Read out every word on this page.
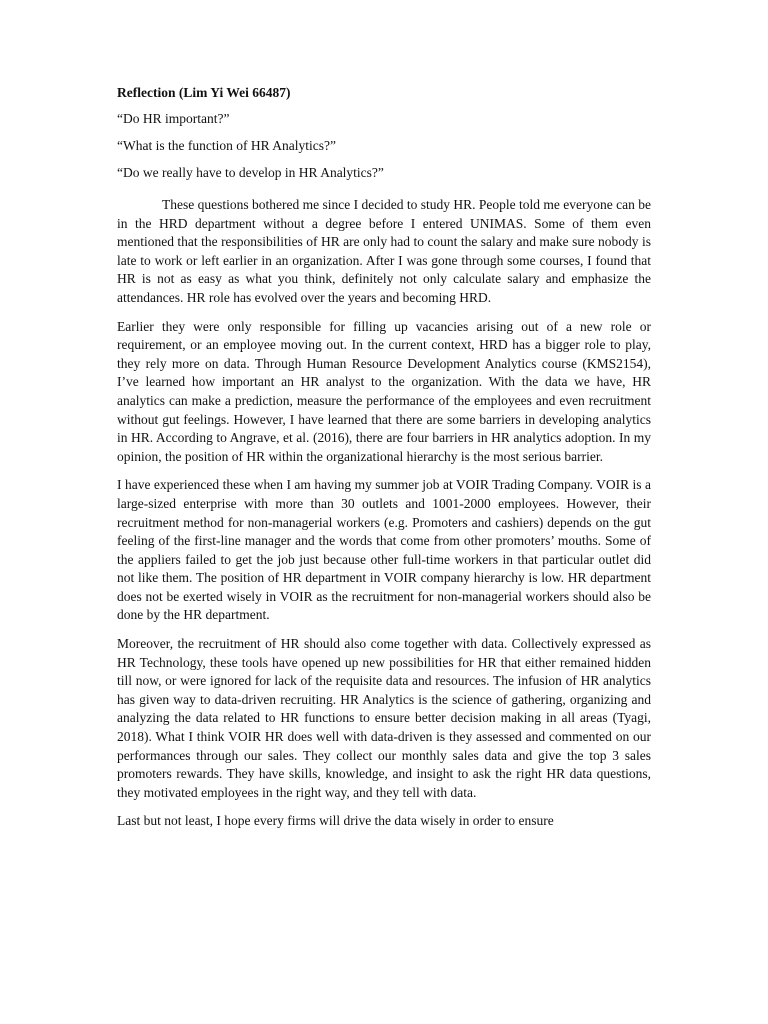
Reflection (Lim Yi Wei 66487)
“Do HR important?”
“What is the function of HR Analytics?”
“Do we really have to develop in HR Analytics?”

These questions bothered me since I decided to study HR. People told me everyone can be in the HRD department without a degree before I entered UNIMAS. Some of them even mentioned that the responsibilities of HR are only had to count the salary and make sure nobody is late to work or left earlier in an organization. After I was gone through some courses, I found that HR is not as easy as what you think, definitely not only calculate salary and emphasize the attendances. HR role has evolved over the years and becoming HRD.

Earlier they were only responsible for filling up vacancies arising out of a new role or requirement, or an employee moving out. In the current context, HRD has a bigger role to play, they rely more on data. Through Human Resource Development Analytics course (KMS2154), I’ve learned how important an HR analyst to the organization. With the data we have, HR analytics can make a prediction, measure the performance of the employees and even recruitment without gut feelings. However, I have learned that there are some barriers in developing analytics in HR. According to Angrave, et al. (2016), there are four barriers in HR analytics adoption. In my opinion, the position of HR within the organizational hierarchy is the most serious barrier.

I have experienced these when I am having my summer job at VOIR Trading Company. VOIR is a large-sized enterprise with more than 30 outlets and 1001-2000 employees. However, their recruitment method for non-managerial workers (e.g. Promoters and cashiers) depends on the gut feeling of the first-line manager and the words that come from other promoters’ mouths. Some of the appliers failed to get the job just because other full-time workers in that particular outlet did not like them. The position of HR department in VOIR company hierarchy is low. HR department does not be exerted wisely in VOIR as the recruitment for non-managerial workers should also be done by the HR department.

Moreover, the recruitment of HR should also come together with data. Collectively expressed as HR Technology, these tools have opened up new possibilities for HR that either remained hidden till now, or were ignored for lack of the requisite data and resources. The infusion of HR analytics has given way to data-driven recruiting. HR Analytics is the science of gathering, organizing and analyzing the data related to HR functions to ensure better decision making in all areas (Tyagi, 2018). What I think VOIR HR does well with data-driven is they assessed and commented on our performances through our sales. They collect our monthly sales data and give the top 3 sales promoters rewards. They have skills, knowledge, and insight to ask the right HR data questions, they motivated employees in the right way, and they tell with data.

Last but not least, I hope every firms will drive the data wisely in order to ensure
